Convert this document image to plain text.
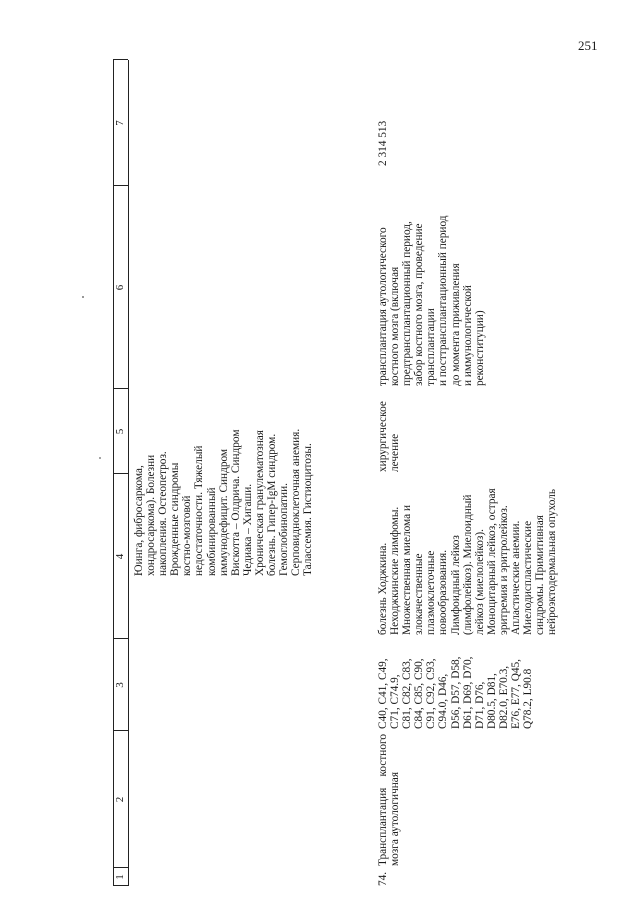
251
1
2
3
4
5
6
7
74.
Трансплантация костного мозга аутологичная
Юинга, фибросаркома, хондросаркома). Болезни накопления. Остеопетроз. Врожденные синдромы костно-мозговой недостаточности. Тяжелый комбинированный иммунодефицит. Синдром Вискотта – Олдрича. Синдром Чедиака – Хигаши. Хроническая гранулематозная болезнь. Гипер-IgM синдром. Гемоглобинопатии. Серповидноклеточная анемия. Талассемия. Гистиоцитозы.
C40, C41, C49, C71, C74.9, C81, C82, C83, C84, C85, C90, C91, C92, C93, C94.0, D46, D56, D57, D58, D61, D69, D70, D71, D76, D80.5, D81, D82.0, E70.3, E76, E77, Q45, Q78.2, L90.8
болезнь Ходжкина. Неходжкинские лимфомы. Множественная миелома и злокачественные плазмоклеточные новообразования. Лимфоидный лейкоз (лимфолейкоз). Миелоидный лейкоз (миелолейкоз). Моноцитарный лейкоз, острая эритремия и эритролейкоз. Апластические анемии. Миелодиспластические синдромы. Примитивная нейроэктодермальная опухоль
хирургическое лечение
трансплантация аутологического костного мозга (включая предтрансплантационный период, забор костного мозга, проведение трансплантации и посттрансплантационный период до момента приживления и иммунологической реконституции)
2 314 513
